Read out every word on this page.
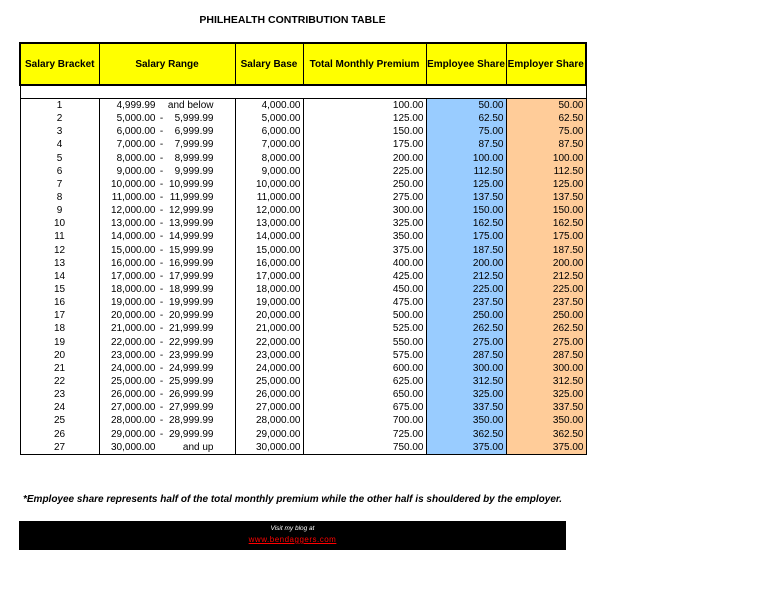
PHILHEALTH CONTRIBUTION TABLE
Salary Bracket	Salary Range	Salary Base	Total Monthly Premium	Employee Share	Employer Share

1	4,999.99 and below	4,000.00	100.00	50.00	50.00
2	5,000.00 - 5,999.99	5,000.00	125.00	62.50	62.50
3	6,000.00 - 6,999.99	6,000.00	150.00	75.00	75.00
4	7,000.00 - 7,999.99	7,000.00	175.00	87.50	87.50
5	8,000.00 - 8,999.99	8,000.00	200.00	100.00	100.00
6	9,000.00 - 9,999.99	9,000.00	225.00	112.50	112.50
7	10,000.00 - 10,999.99	10,000.00	250.00	125.00	125.00
8	11,000.00 - 11,999.99	11,000.00	275.00	137.50	137.50
9	12,000.00 - 12,999.99	12,000.00	300.00	150.00	150.00
10	13,000.00 - 13,999.99	13,000.00	325.00	162.50	162.50
11	14,000.00 - 14,999.99	14,000.00	350.00	175.00	175.00
12	15,000.00 - 15,999.99	15,000.00	375.00	187.50	187.50
13	16,000.00 - 16,999.99	16,000.00	400.00	200.00	200.00
14	17,000.00 - 17,999.99	17,000.00	425.00	212.50	212.50
15	18,000.00 - 18,999.99	18,000.00	450.00	225.00	225.00
16	19,000.00 - 19,999.99	19,000.00	475.00	237.50	237.50
17	20,000.00 - 20,999.99	20,000.00	500.00	250.00	250.00
18	21,000.00 - 21,999.99	21,000.00	525.00	262.50	262.50
19	22,000.00 - 22,999.99	22,000.00	550.00	275.00	275.00
20	23,000.00 - 23,999.99	23,000.00	575.00	287.50	287.50
21	24,000.00 - 24,999.99	24,000.00	600.00	300.00	300.00
22	25,000.00 - 25,999.99	25,000.00	625.00	312.50	312.50
23	26,000.00 - 26,999.99	26,000.00	650.00	325.00	325.00
24	27,000.00 - 27,999.99	27,000.00	675.00	337.50	337.50
25	28,000.00 - 28,999.99	28,000.00	700.00	350.00	350.00
26	29,000.00 - 29,999.99	29,000.00	725.00	362.50	362.50
27	30,000.00 and up	30,000.00	750.00	375.00	375.00
*Employee share represents half of the total monthly premium while the other half is shouldered by the employer.
Visit my blog at
www.bendaggers.com
